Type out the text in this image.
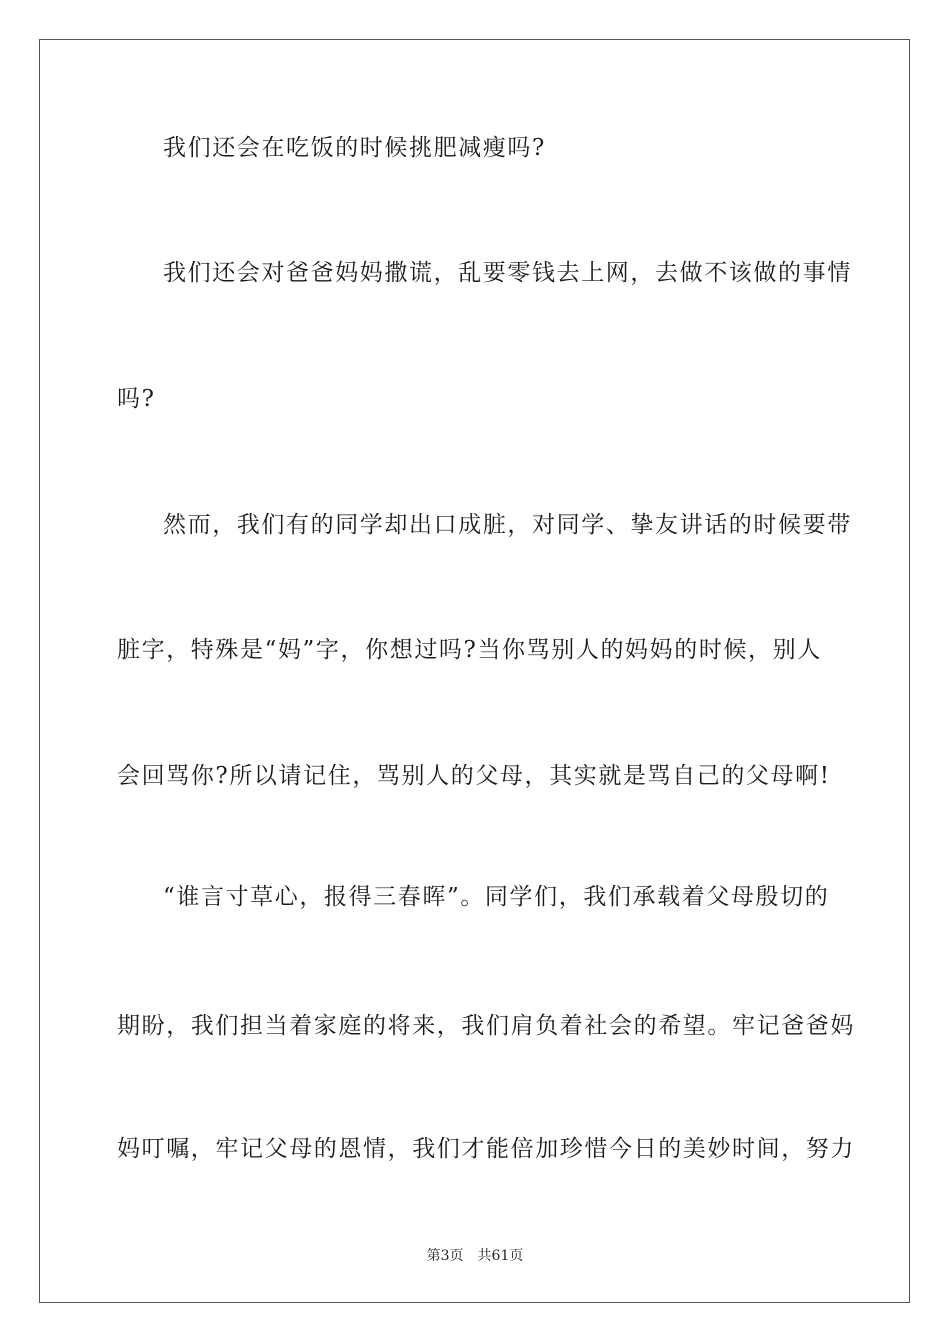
我们还会在吃饭的时候挑肥减瘦吗?
我们还会对爸爸妈妈撒谎，乱要零钱去上网，去做不该做的事情
吗?
然而，我们有的同学却出口成脏，对同学、挚友讲话的时候要带
脏字，特殊是“妈”字，你想过吗?当你骂别人的妈妈的时候，别人
会回骂你?所以请记住，骂别人的父母，其实就是骂自己的父母啊!
“谁言寸草心，报得三春晖”。同学们，我们承载着父母殷切的
期盼，我们担当着家庭的将来，我们肩负着社会的希望。牢记爸爸妈
妈叮嘱，牢记父母的恩情，我们才能倍加珍惜今日的美妙时间，努力
第3页 共61页
